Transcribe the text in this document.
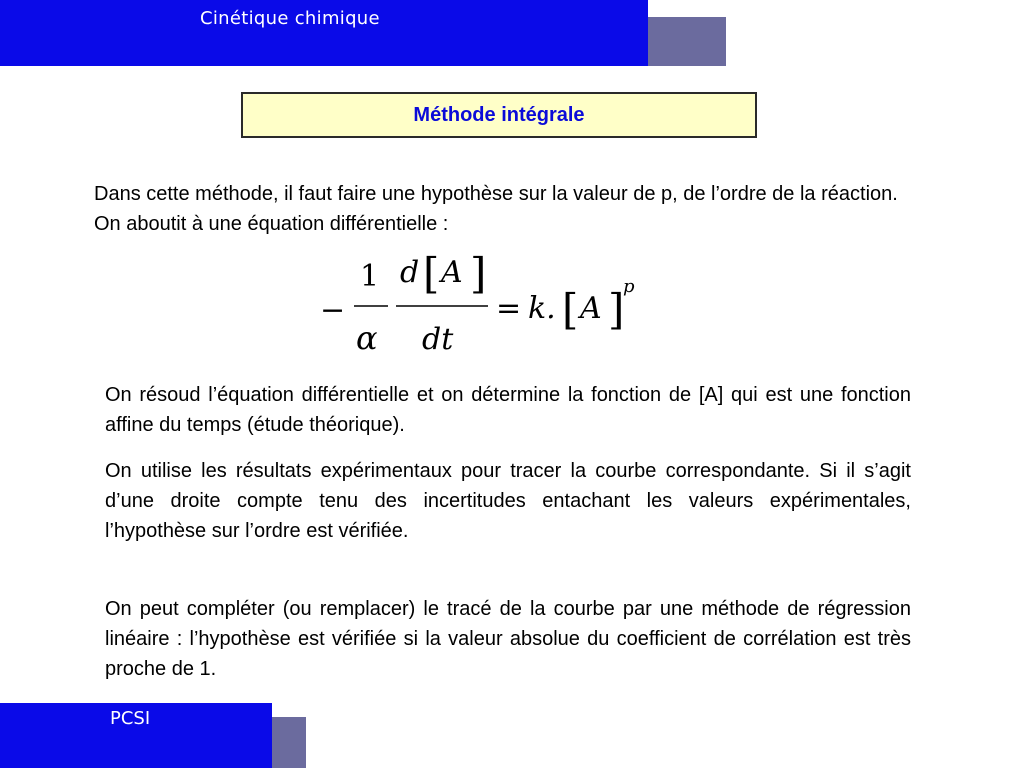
Cinétique chimique
Méthode intégrale

Dans cette méthode, il faut faire une hypothèse sur la valeur de p, de l’ordre de la réaction. On aboutit à une équation différentielle :

−
1
α
d [ A ]
dt
= k. [ A ]
p

On résoud l’équation différentielle et on détermine la fonction de [A] qui est une fonction affine du temps (étude théorique).

On utilise les résultats expérimentaux pour tracer la courbe correspondante. Si il s’agit d’une droite compte tenu des incertitudes entachant les valeurs expérimentales, l’hypothèse sur l’ordre est vérifiée.

On peut compléter (ou remplacer) le tracé de la courbe par une méthode de régression linéaire : l’hypothèse est vérifiée si la valeur absolue du coefficient de corrélation est très proche de 1.

PCSI
